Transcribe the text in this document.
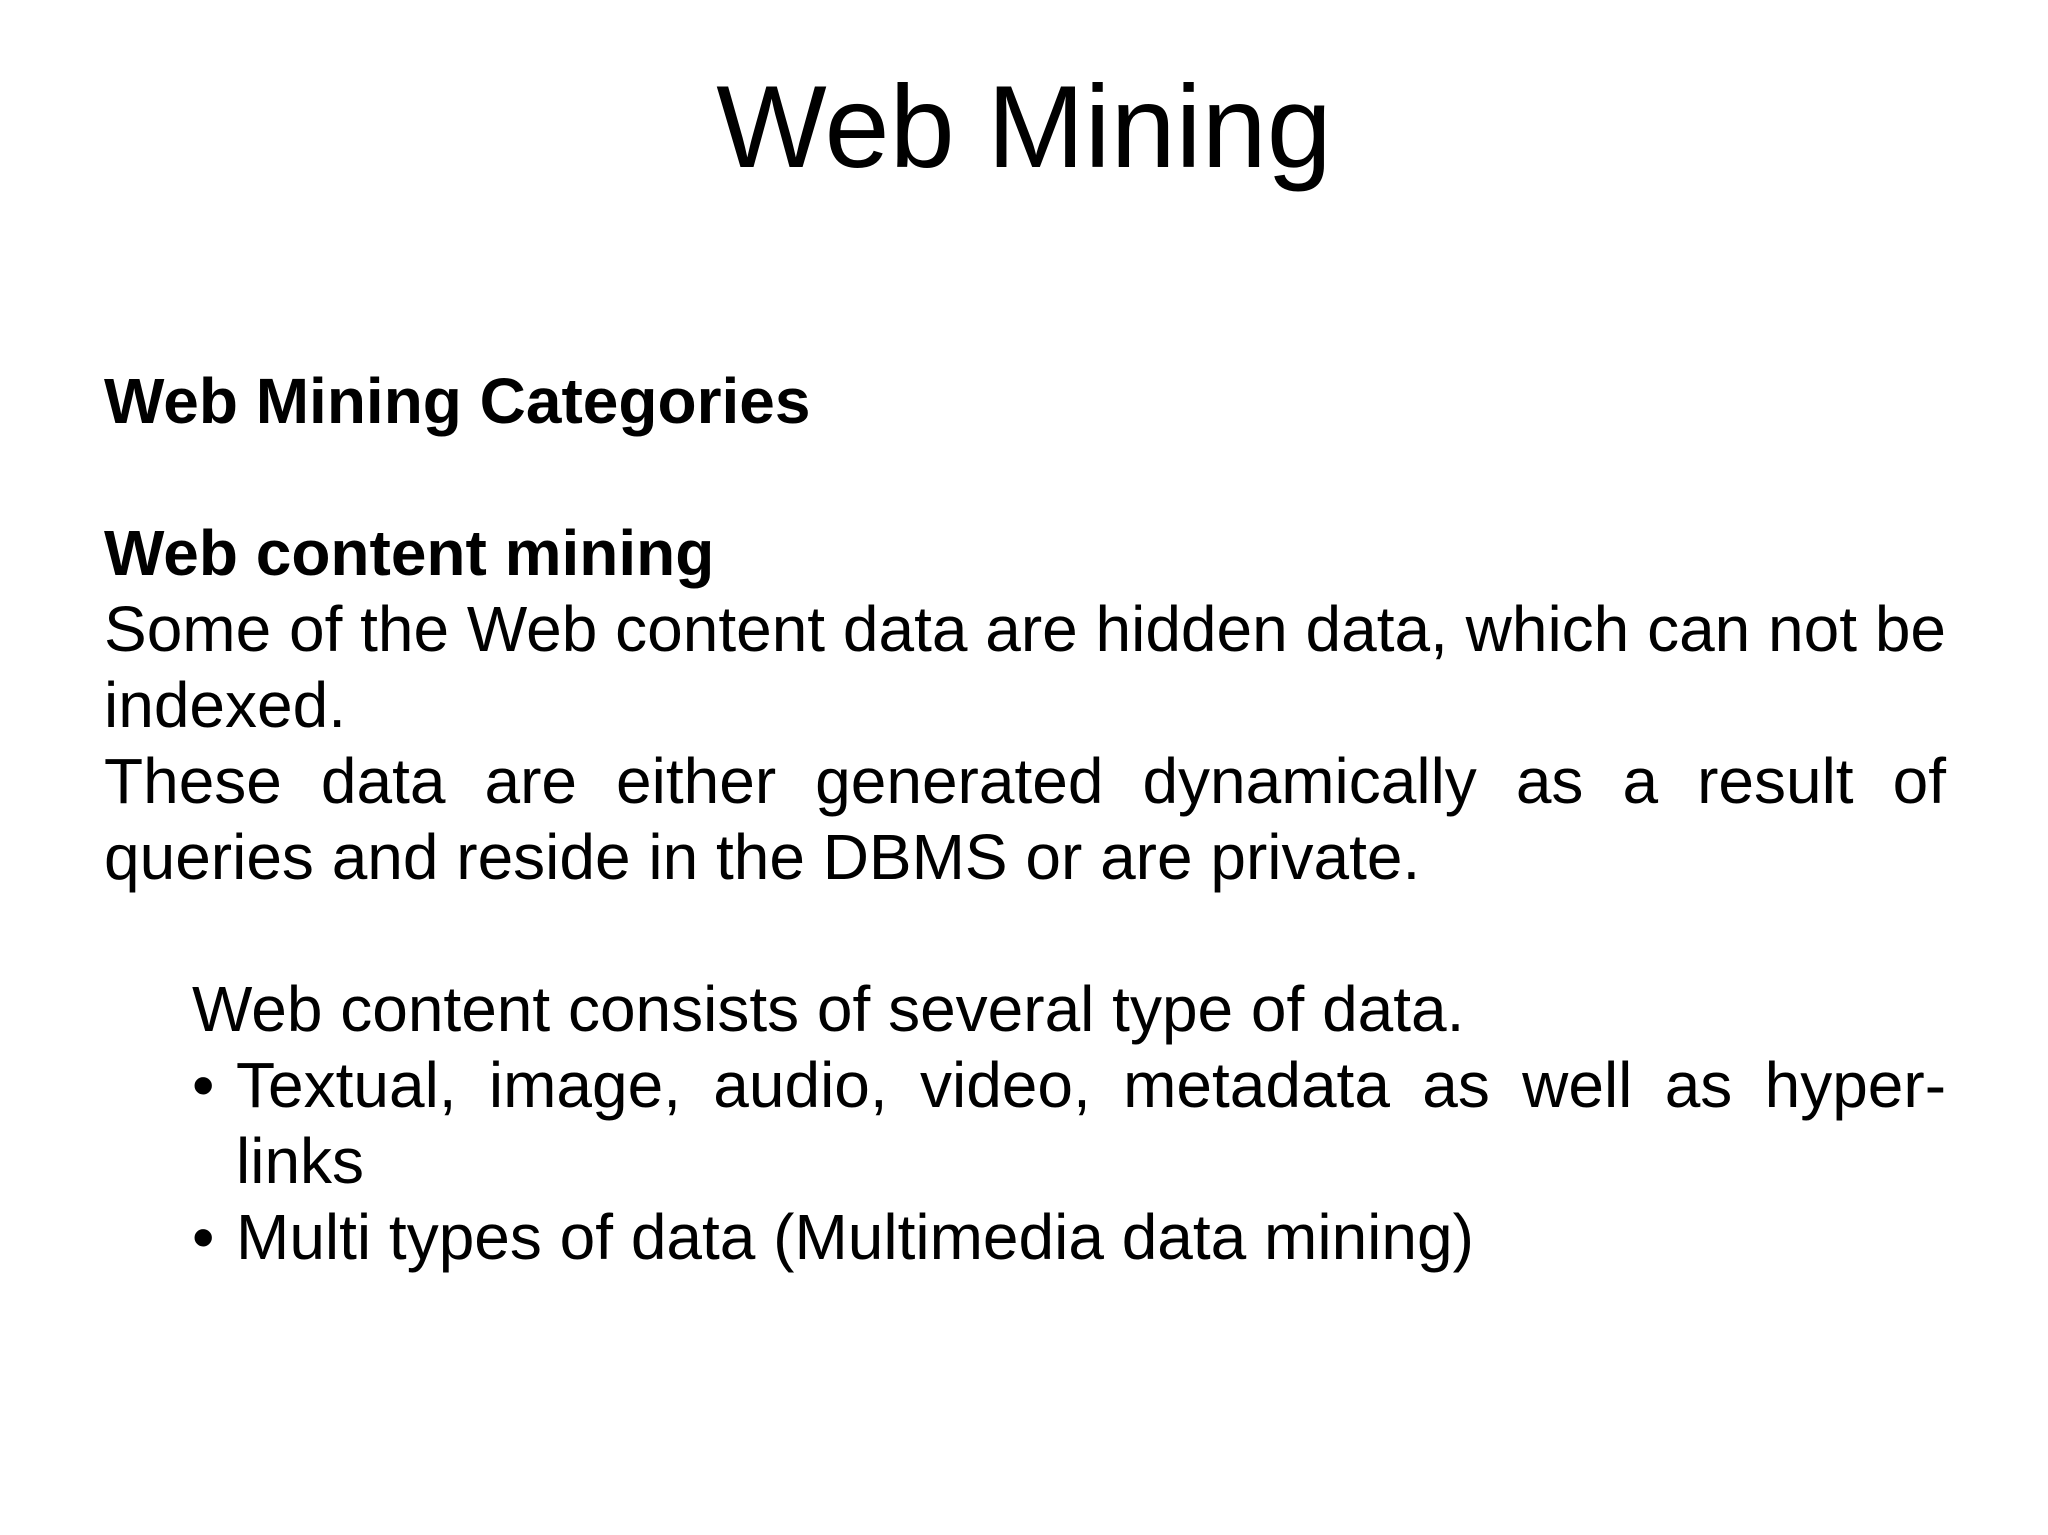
Web Mining

Web Mining Categories

Web content mining

Some of the Web content data are hidden data, which can not be indexed.

These data are either generated dynamically as a result of queries and reside in the DBMS or are private.

Web content consists of several type of data.

• Textual, image, audio, video, metadata as well as hyper-links
• Multi types of data (Multimedia data mining)
